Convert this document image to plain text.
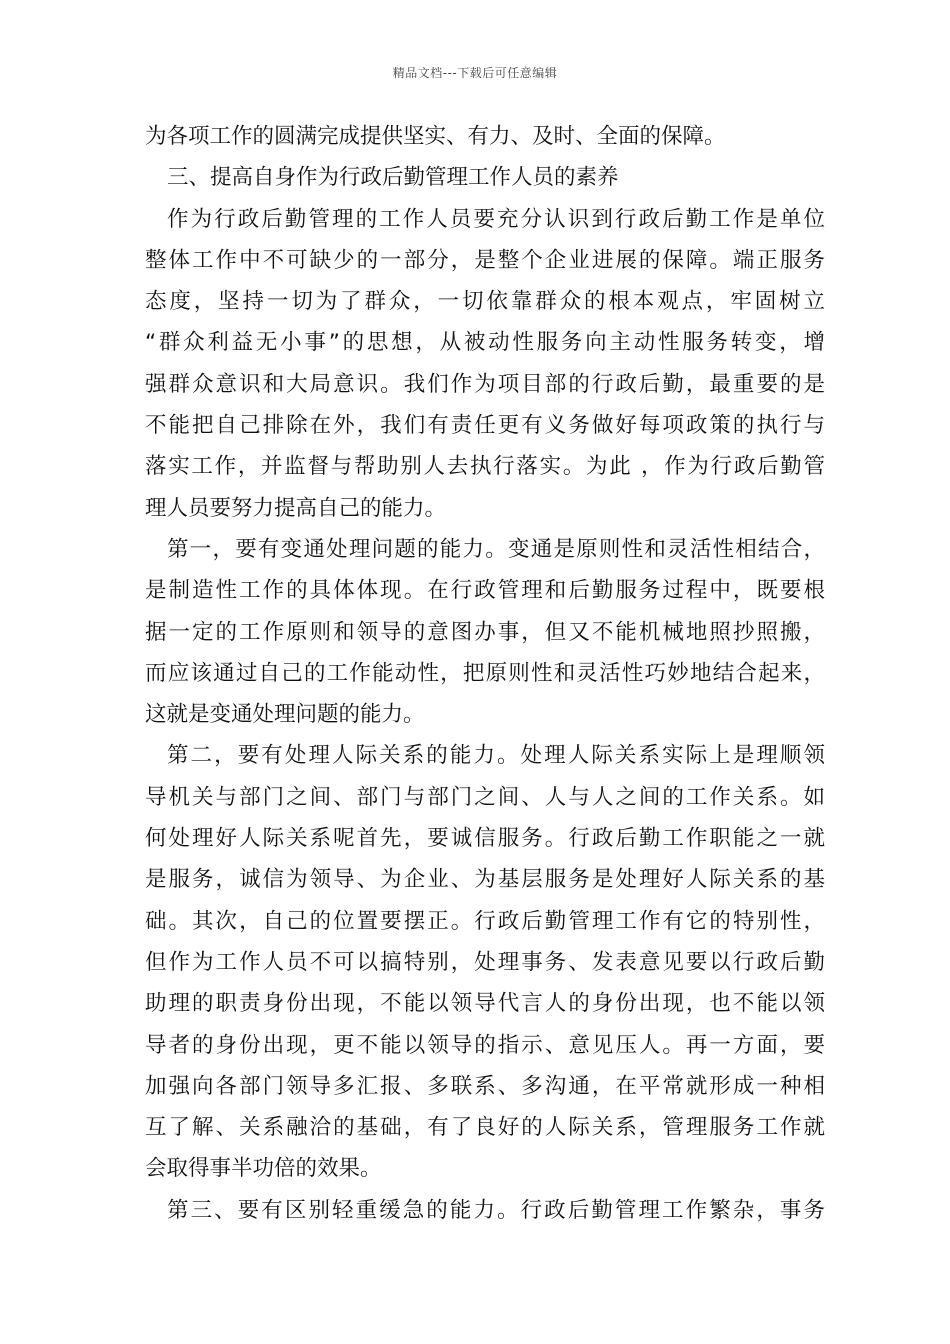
精品文档---下载后可任意编辑
为各项工作的圆满完成提供坚实、有力、及时、全面的保障。
三、提高自身作为行政后勤管理工作人员的素养
作为行政后勤管理的工作人员要充分认识到行政后勤工作是单位
整体工作中不可缺少的一部分，是整个企业进展的保障。端正服务
态度，坚持一切为了群众，一切依靠群众的根本观点，牢固树立
“群众利益无小事”的思想，从被动性服务向主动性服务转变，增
强群众意识和大局意识。我们作为项目部的行政后勤，最重要的是
不能把自己排除在外，我们有责任更有义务做好每项政策的执行与
落实工作，并监督与帮助别人去执行落实。为此 ，作为行政后勤管
理人员要努力提高自己的能力。
第一，要有变通处理问题的能力。变通是原则性和灵活性相结合，
是制造性工作的具体体现。在行政管理和后勤服务过程中，既要根
据一定的工作原则和领导的意图办事，但又不能机械地照抄照搬，
而应该通过自己的工作能动性，把原则性和灵活性巧妙地结合起来，
这就是变通处理问题的能力。
第二，要有处理人际关系的能力。处理人际关系实际上是理顺领
导机关与部门之间、部门与部门之间、人与人之间的工作关系。如
何处理好人际关系呢首先，要诚信服务。行政后勤工作职能之一就
是服务，诚信为领导、为企业、为基层服务是处理好人际关系的基
础。其次，自己的位置要摆正。行政后勤管理工作有它的特别性，
但作为工作人员不可以搞特别，处理事务、发表意见要以行政后勤
助理的职责身份出现，不能以领导代言人的身份出现，也不能以领
导者的身份出现，更不能以领导的指示、意见压人。再一方面，要
加强向各部门领导多汇报、多联系、多沟通，在平常就形成一种相
互了解、关系融洽的基础，有了良好的人际关系，管理服务工作就
会取得事半功倍的效果。
第三、要有区别轻重缓急的能力。行政后勤管理工作繁杂，事务
